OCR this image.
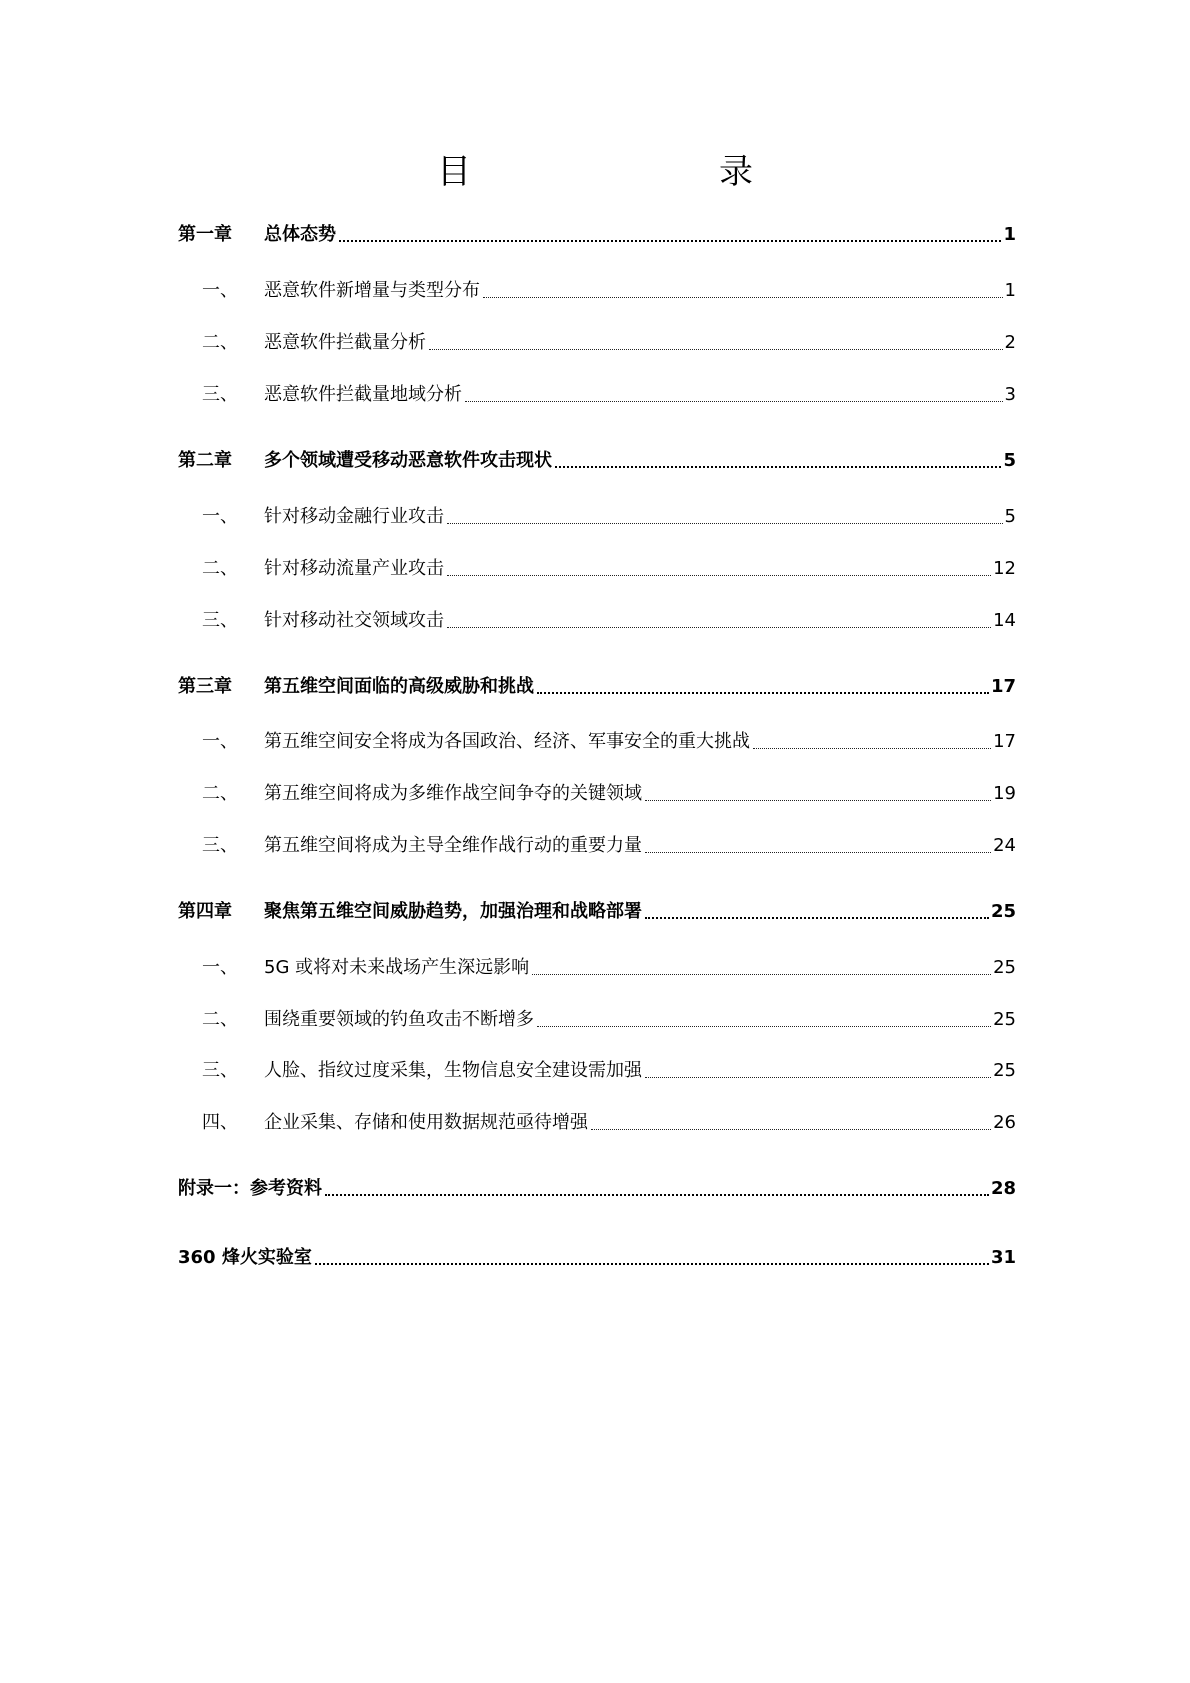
目　　录
第一章	总体态势	1
一、	恶意软件新增量与类型分布	1
二、	恶意软件拦截量分析	2
三、	恶意软件拦截量地域分析	3
第二章	多个领域遭受移动恶意软件攻击现状	5
一、	针对移动金融行业攻击	5
二、	针对移动流量产业攻击	12
三、	针对移动社交领域攻击	14
第三章	第五维空间面临的高级威胁和挑战	17
一、	第五维空间安全将成为各国政治、经济、军事安全的重大挑战	17
二、	第五维空间将成为多维作战空间争夺的关键领域	19
三、	第五维空间将成为主导全维作战行动的重要力量	24
第四章	聚焦第五维空间威胁趋势，加强治理和战略部署	25
一、	5G 或将对未来战场产生深远影响	25
二、	围绕重要领域的钓鱼攻击不断增多	25
三、	人脸、指纹过度采集，生物信息安全建设需加强	25
四、	企业采集、存储和使用数据规范亟待增强	26
附录一：参考资料	28
360 烽火实验室	31
